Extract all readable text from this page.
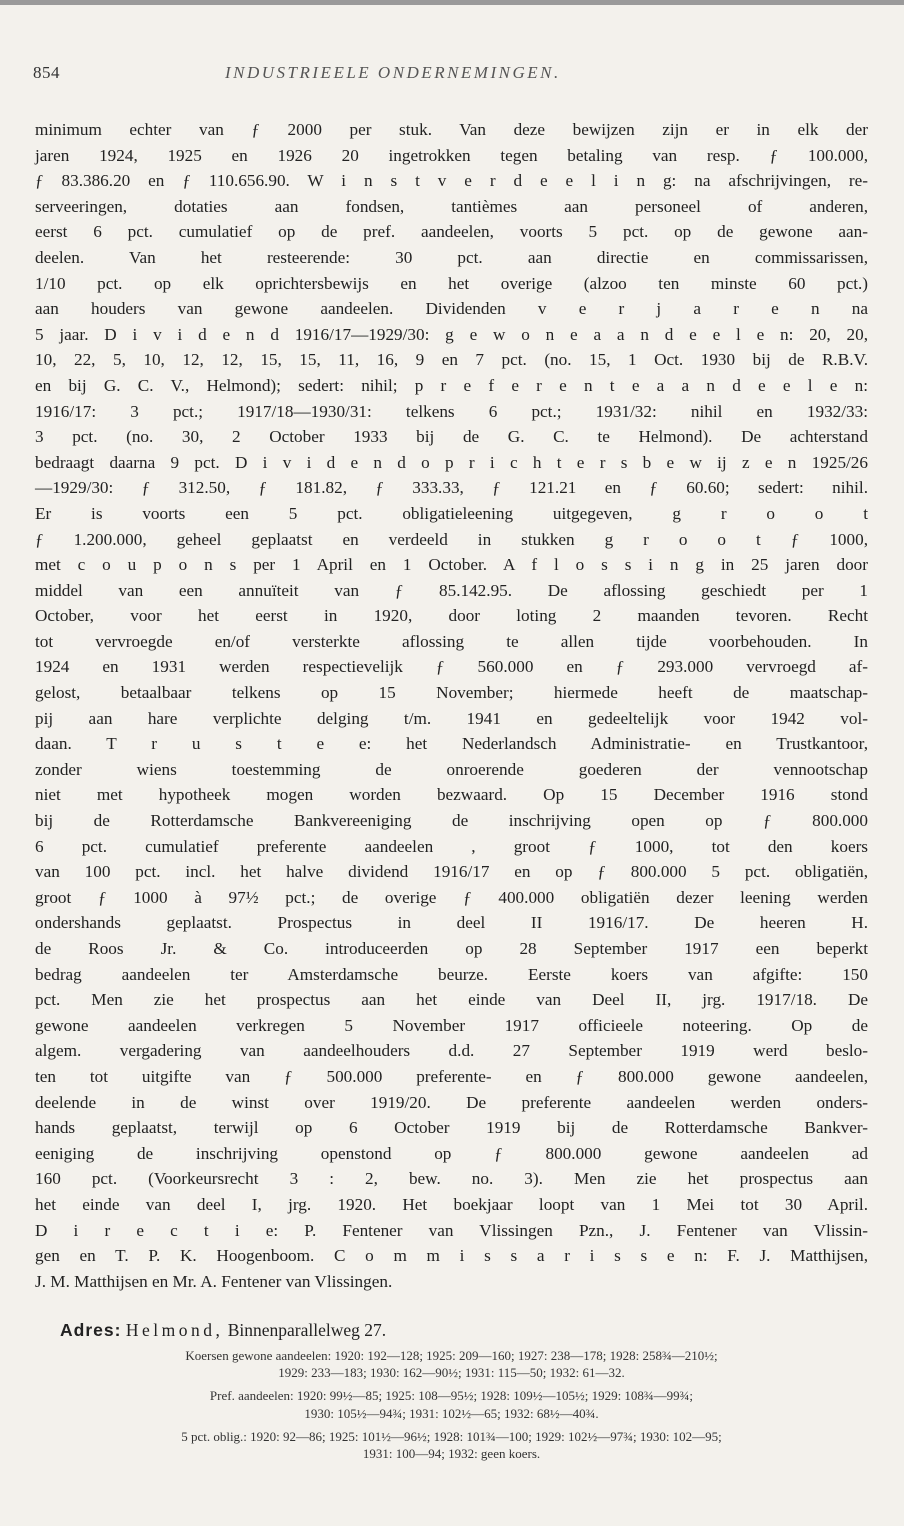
854	INDUSTRIEELE ONDERNEMINGEN.
minimum echter van ƒ 2000 per stuk. Van deze bewijzen zijn er in elk der
jaren 1924, 1925 en 1926 20 ingetrokken tegen betaling van resp. ƒ 100.000,
ƒ 83.386.20 en ƒ 110.656.90. W i n s t v e r d e e l i n g: na afschrijvingen, re-
serveeringen, dotaties aan fondsen, tantièmes aan personeel of anderen,
eerst 6 pct. cumulatief op de pref. aandeelen, voorts 5 pct. op de gewone aan-
deelen. Van het resteerende: 30 pct. aan directie en commissarissen,
1/10 pct. op elk oprichtersbewijs en het overige (alzoo ten minste 60 pct.)
aan houders van gewone aandeelen. Dividenden v e r j a r e n na
5 jaar. D i v i d e n d 1916/17—1929/30: g e w o n e a a n d e e l e n: 20, 20,
10, 22, 5, 10, 12, 12, 15, 15, 11, 16, 9 en 7 pct. (no. 15, 1 Oct. 1930 bij de R.B.V.
en bij G. C. V., Helmond); sedert: nihil; p r e f e r e n t e a a n d e e l e n:
1916/17: 3 pct.; 1917/18—1930/31: telkens 6 pct.; 1931/32: nihil en 1932/33:
3 pct. (no. 30, 2 October 1933 bij de G. C. te Helmond). De achterstand
bedraagt daarna 9 pct. D i v i d e n d o p r i c h t e r s b e w ij z e n 1925/26
—1929/30: ƒ 312.50, ƒ 181.82, ƒ 333.33, ƒ 121.21 en ƒ 60.60; sedert: nihil.
Er is voorts een 5 pct. obligatieleening uitgegeven, g r o o t
ƒ 1.200.000, geheel geplaatst en verdeeld in stukken g r o o t ƒ 1000,
met c o u p o n s per 1 April en 1 October. A f l o s s i n g in 25 jaren door
middel van een annuïteit van ƒ 85.142.95. De aflossing geschiedt per 1
October, voor het eerst in 1920, door loting 2 maanden tevoren. Recht
tot vervroegde en/of versterkte aflossing te allen tijde voorbehouden. In
1924 en 1931 werden respectievelijk ƒ 560.000 en ƒ 293.000 vervroegd af-
gelost, betaalbaar telkens op 15 November; hiermede heeft de maatschap-
pij aan hare verplichte delging t/m. 1941 en gedeeltelijk voor 1942 vol-
daan. T r u s t e e: het Nederlandsch Administratie- en Trustkantoor,
zonder wiens toestemming de onroerende goederen der vennootschap
niet met hypotheek mogen worden bezwaard. Op 15 December 1916 stond
bij de Rotterdamsche Bankvereeniging de inschrijving open op ƒ 800.000
6 pct. cumulatief preferente aandeelen , groot ƒ 1000, tot den koers
van 100 pct. incl. het halve dividend 1916/17 en op ƒ 800.000 5 pct. obligatiën,
groot ƒ 1000 à 97½ pct.; de overige ƒ 400.000 obligatiën dezer leening werden
ondershands geplaatst. Prospectus in deel II 1916/17. De heeren H.
de Roos Jr. & Co. introduceerden op 28 September 1917 een beperkt
bedrag aandeelen ter Amsterdamsche beurze. Eerste koers van afgifte: 150
pct. Men zie het prospectus aan het einde van Deel II, jrg. 1917/18. De
gewone aandeelen verkregen 5 November 1917 officieele noteering. Op de
algem. vergadering van aandeelhouders d.d. 27 September 1919 werd beslo-
ten tot uitgifte van ƒ 500.000 preferente- en ƒ 800.000 gewone aandeelen,
deelende in de winst over 1919/20. De preferente aandeelen werden onders-
hands geplaatst, terwijl op 6 October 1919 bij de Rotterdamsche Bankver-
eeniging de inschrijving openstond op ƒ 800.000 gewone aandeelen ad
160 pct. (Voorkeursrecht 3 : 2, bew. no. 3). Men zie het prospectus aan
het einde van deel I, jrg. 1920. Het boekjaar loopt van 1 Mei tot 30 April.
D i r e c t i e: P. Fentener van Vlissingen Pzn., J. Fentener van Vlissin-
gen en T. P. K. Hoogenboom. C o m m i s s a r i s s e n: F. J. Matthijsen,
J. M. Matthijsen en Mr. A. Fentener van Vlissingen.
Adres: Helmond, Binnenparallelweg 27.
Koersen gewone aandeelen: 1920: 192—128; 1925: 209—160; 1927: 238—178; 1928: 258¾—210½;
1929: 233—183; 1930: 162—90½; 1931: 115—50; 1932: 61—32.
Pref. aandeelen: 1920: 99½—85; 1925: 108—95½; 1928: 109½—105½; 1929: 108¾—99¾;
1930: 105½—94¾; 1931: 102½—65; 1932: 68½—40¾.
5 pct. oblig.: 1920: 92—86; 1925: 101½—96½; 1928: 101¾—100; 1929: 102½—97¾; 1930: 102—95;
1931: 100—94; 1932: geen koers.
